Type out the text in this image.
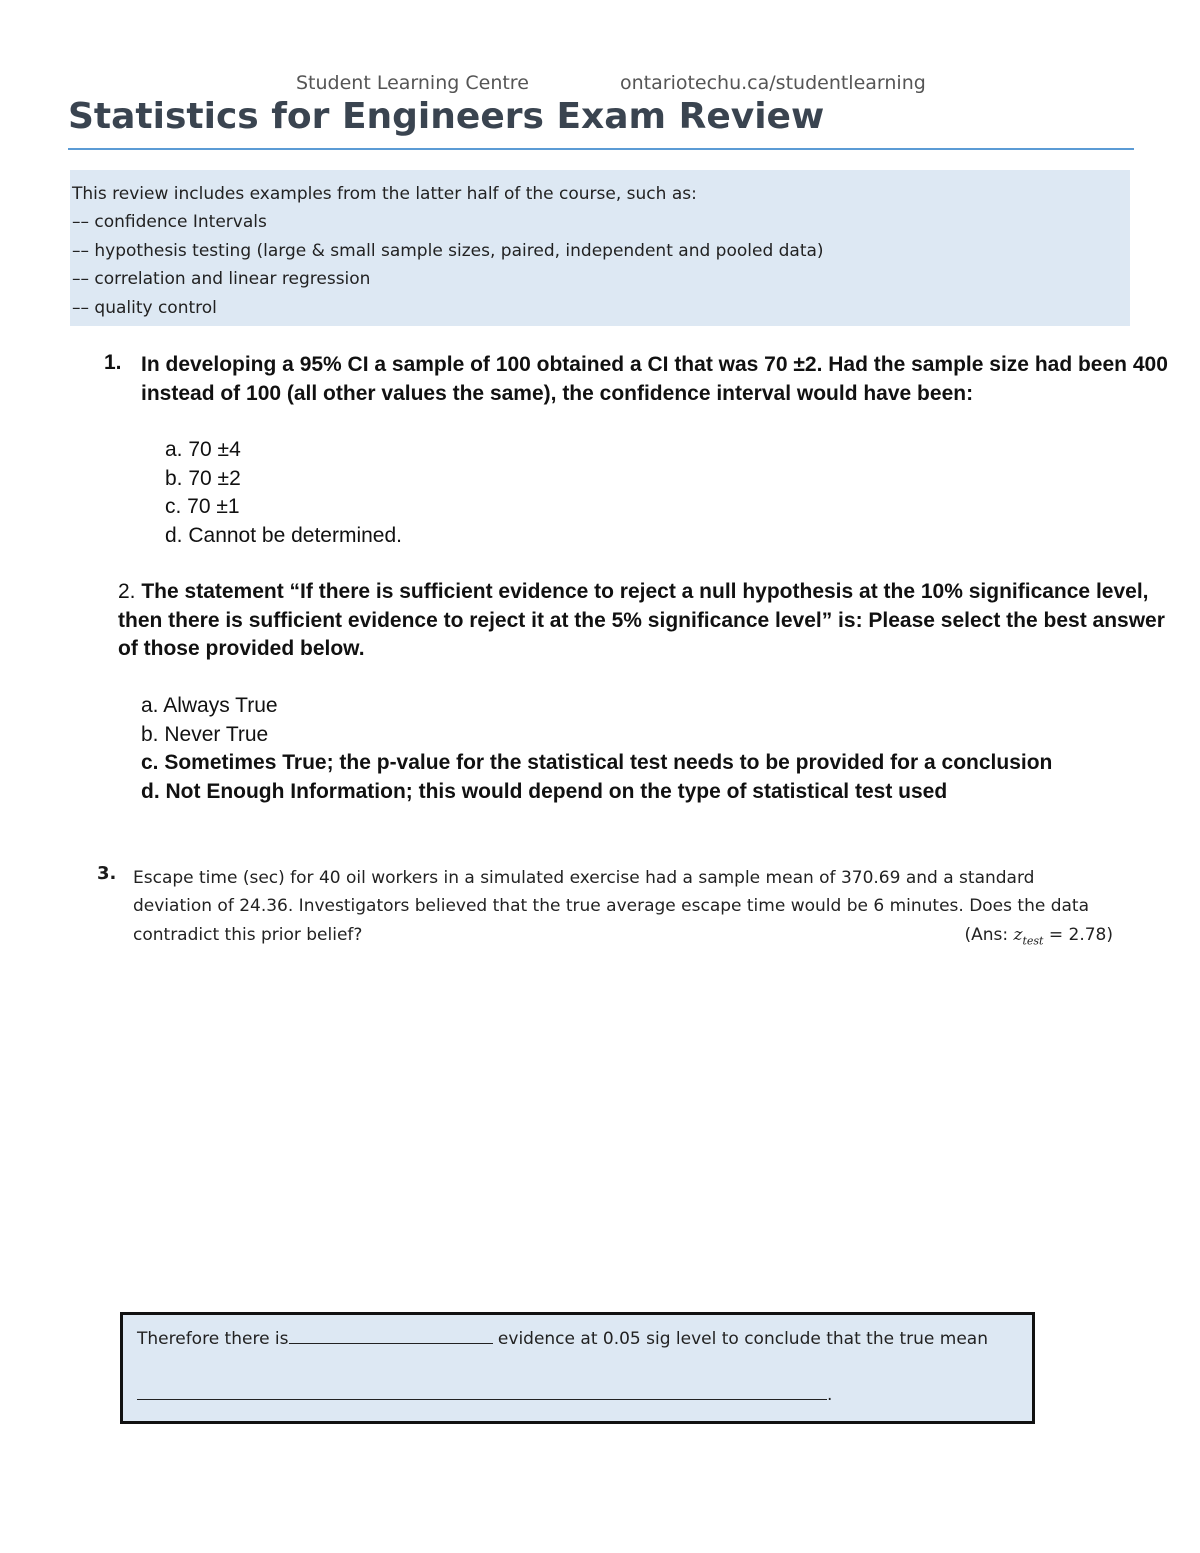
Student Learning Centre	ontariotechu.ca/studentlearning
Statistics for Engineers Exam Review
This review includes examples from the latter half of the course, such as:
–– confidence Intervals
–– hypothesis testing (large & small sample sizes, paired, independent and pooled data)
–– correlation and linear regression
–– quality control
1. In developing a 95% CI a sample of 100 obtained a CI that was 70 ±2. Had the sample size had been 400
instead of 100 (all other values the same), the confidence interval would have been:
a. 70 ±4
b. 70 ±2
c. 70 ±1
d. Cannot be determined.
2. The statement “If there is sufficient evidence to reject a null hypothesis at the 10% significance level,
then there is sufficient evidence to reject it at the 5% significance level” is: Please select the best answer
of those provided below.
a. Always True
b. Never True
c. Sometimes True; the p-value for the statistical test needs to be provided for a conclusion
d. Not Enough Information; this would depend on the type of statistical test used
3. Escape time (sec) for 40 oil workers in a simulated exercise had a sample mean of 370.69 and a standard
deviation of 24.36. Investigators believed that the true average escape time would be 6 minutes. Does the data
contradict this prior belief?	(Ans: $z_{test} = 2.78$)
Therefore there is	evidence at 0.05 sig level to conclude that the true mean
.
